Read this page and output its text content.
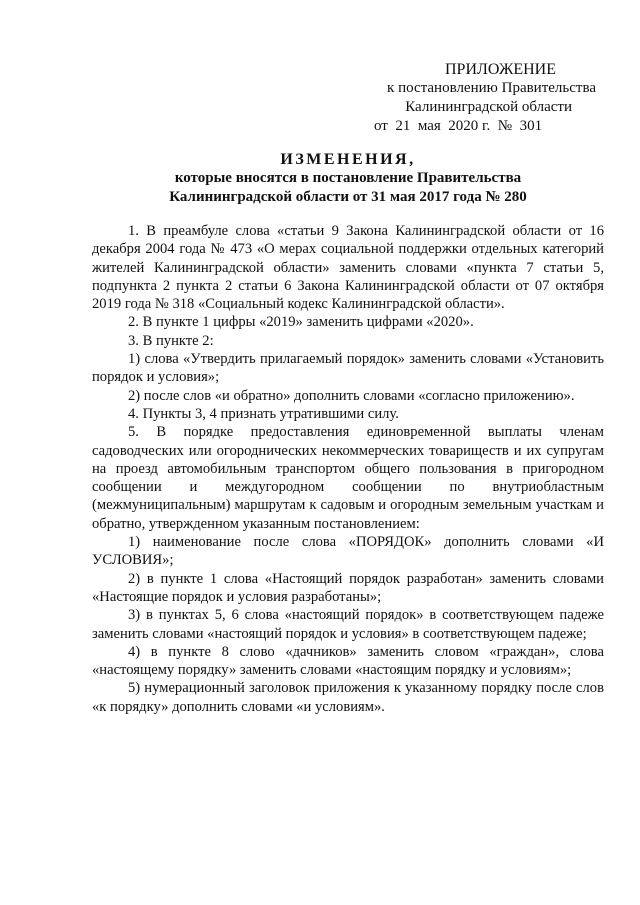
ПРИЛОЖЕНИЕ
к постановлению Правительства
Калининградской области
от  21  мая  2020 г.  №  301
ИЗМЕНЕНИЯ,
которые вносятся в постановление Правительства
Калининградской области от 31 мая 2017 года № 280

1. В преамбуле слова «статьи 9 Закона Калининградской области от 16 декабря 2004 года № 473 «О мерах социальной поддержки отдельных категорий жителей Калининградской области» заменить словами «пункта 7 статьи 5, подпункта 2 пункта 2 статьи 6 Закона Калининградской области от 07 октября 2019 года № 318 «Социальный кодекс Калининградской области».

2. В пункте 1 цифры «2019» заменить цифрами «2020».

3. В пункте 2:

1) слова «Утвердить прилагаемый порядок» заменить словами «Установить порядок и условия»;

2) после слов «и обратно» дополнить словами «согласно приложению».

4. Пункты 3, 4 признать утратившими силу.

5. В порядке предоставления единовременной выплаты членам садоводческих или огороднических некоммерческих товариществ и их супругам на проезд автомобильным транспортом общего пользования в пригородном сообщении и междугородном сообщении по внутриобластным (межмуниципальным) маршрутам к садовым и огородным земельным участкам и обратно, утвержденном указанным постановлением:

1) наименование после слова «ПОРЯДОК» дополнить словами «И УСЛОВИЯ»;

2) в пункте 1 слова «Настоящий порядок разработан» заменить словами «Настоящие порядок и условия разработаны»;

3) в пунктах 5, 6 слова «настоящий порядок» в соответствующем падеже заменить словами «настоящий порядок и условия» в соответствующем падеже;

4) в пункте 8 слово «дачников» заменить словом «граждан», слова «настоящему порядку» заменить словами «настоящим порядку и условиям»;

5) нумерационный заголовок приложения к указанному порядку после слов «к порядку» дополнить словами «и условиям».
